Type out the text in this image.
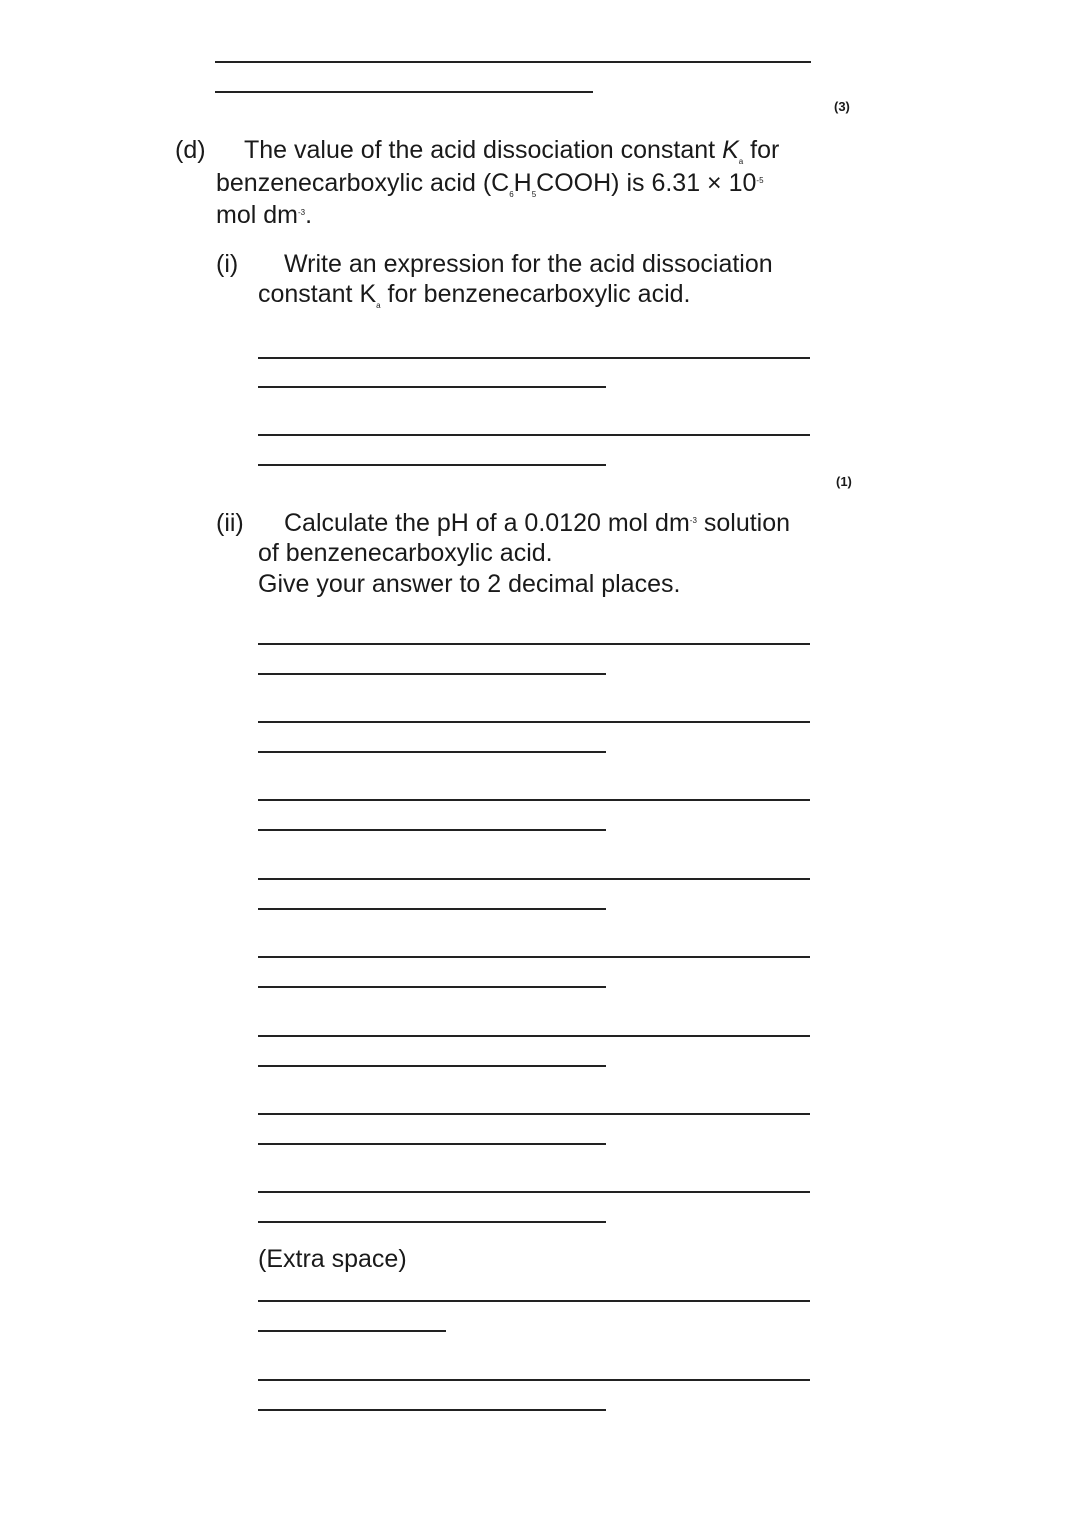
(3)
(d) The value of the acid dissociation constant $K_a$ for
benzenecarboxylic acid $(C_6H_5COOH)$ is $6.31 \times 10^{-5}$
mol $dm^{-3}$.
(i) Write an expression for the acid dissociation
constant $K_a$ for benzenecarboxylic acid.
(1)
(ii) Calculate the pH of a 0.0120 mol $dm^{-3}$ solution
of benzenecarboxylic acid.
Give your answer to 2 decimal places.
(Extra space)
